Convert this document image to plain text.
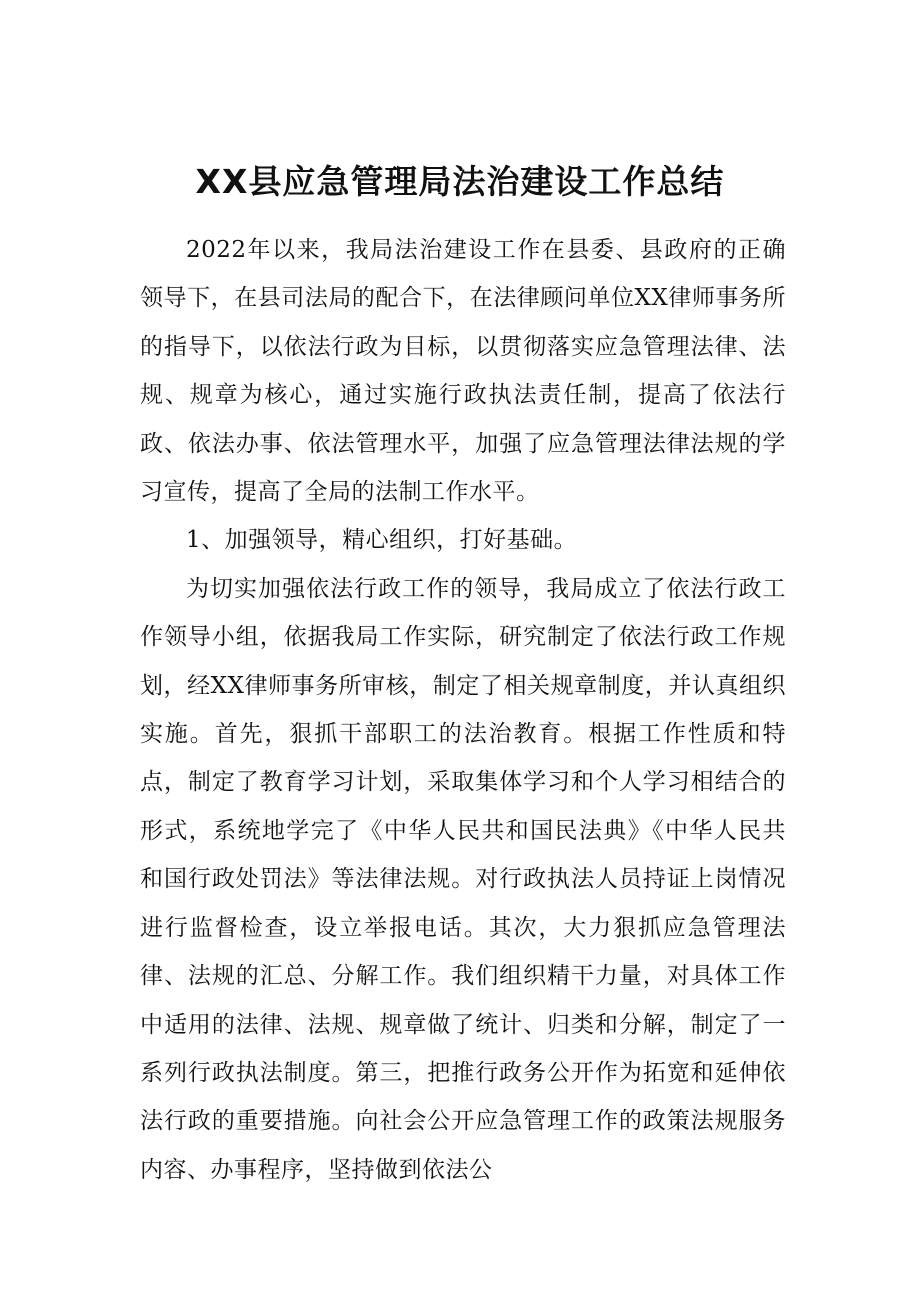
XX县应急管理局法治建设工作总结

2022年以来，我局法治建设工作在县委、县政府的正确领导下，在县司法局的配合下，在法律顾问单位XX律师事务所的指导下，以依法行政为目标，以贯彻落实应急管理法律、法规、规章为核心，通过实施行政执法责任制，提高了依法行政、依法办事、依法管理水平，加强了应急管理法律法规的学习宣传，提高了全局的法制工作水平。

1、加强领导，精心组织，打好基础。

为切实加强依法行政工作的领导，我局成立了依法行政工作领导小组，依据我局工作实际，研究制定了依法行政工作规划，经XX律师事务所审核，制定了相关规章制度，并认真组织实施。首先，狠抓干部职工的法治教育。根据工作性质和特点，制定了教育学习计划，采取集体学习和个人学习相结合的形式，系统地学完了《中华人民共和国民法典》《中华人民共和国行政处罚法》等法律法规。对行政执法人员持证上岗情况进行监督检查，设立举报电话。其次，大力狠抓应急管理法律、法规的汇总、分解工作。我们组织精干力量，对具体工作中适用的法律、法规、规章做了统计、归类和分解，制定了一系列行政执法制度。第三，把推行政务公开作为拓宽和延伸依法行政的重要措施。向社会公开应急管理工作的政策法规服务内容、办事程序，坚持做到依法公
